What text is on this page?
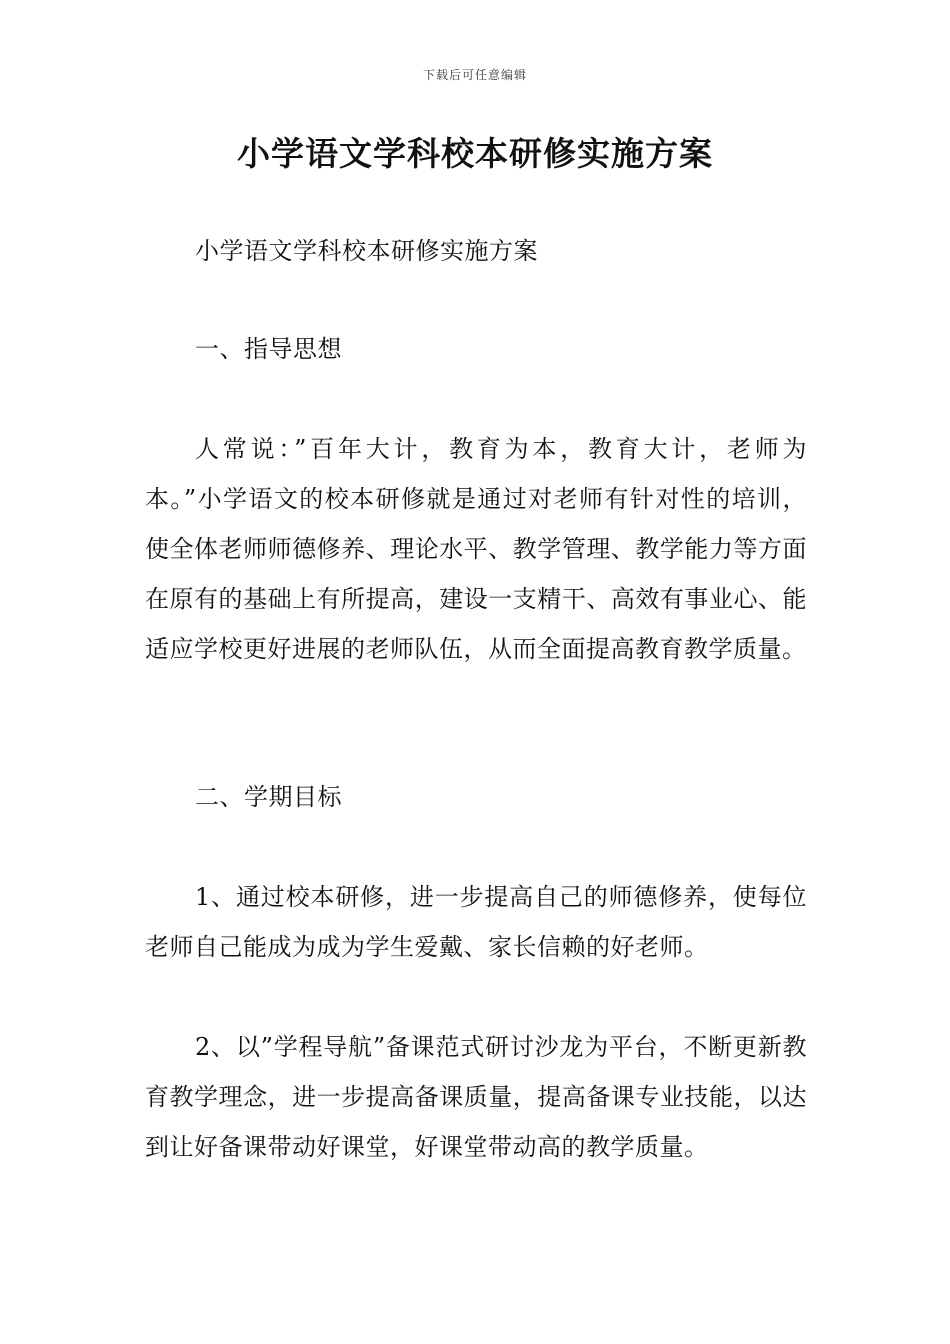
下载后可任意编辑
小学语文学科校本研修实施方案

小学语文学科校本研修实施方案

一、指导思想

人常说：”百年大计，教育为本，教育大计，老师为本。”小学语文的校本研修就是通过对老师有针对性的培训，使全体老师师德修养、理论水平、教学管理、教学能力等方面在原有的基础上有所提高，建设一支精干、高效有事业心、能适应学校更好进展的老师队伍，从而全面提高教育教学质量。

二、学期目标

1、通过校本研修，进一步提高自己的师德修养，使每位老师自己能成为成为学生爱戴、家长信赖的好老师。

2、以”学程导航”备课范式研讨沙龙为平台，不断更新教育教学理念，进一步提高备课质量，提高备课专业技能，以达到让好备课带动好课堂，好课堂带动高的教学质量。
